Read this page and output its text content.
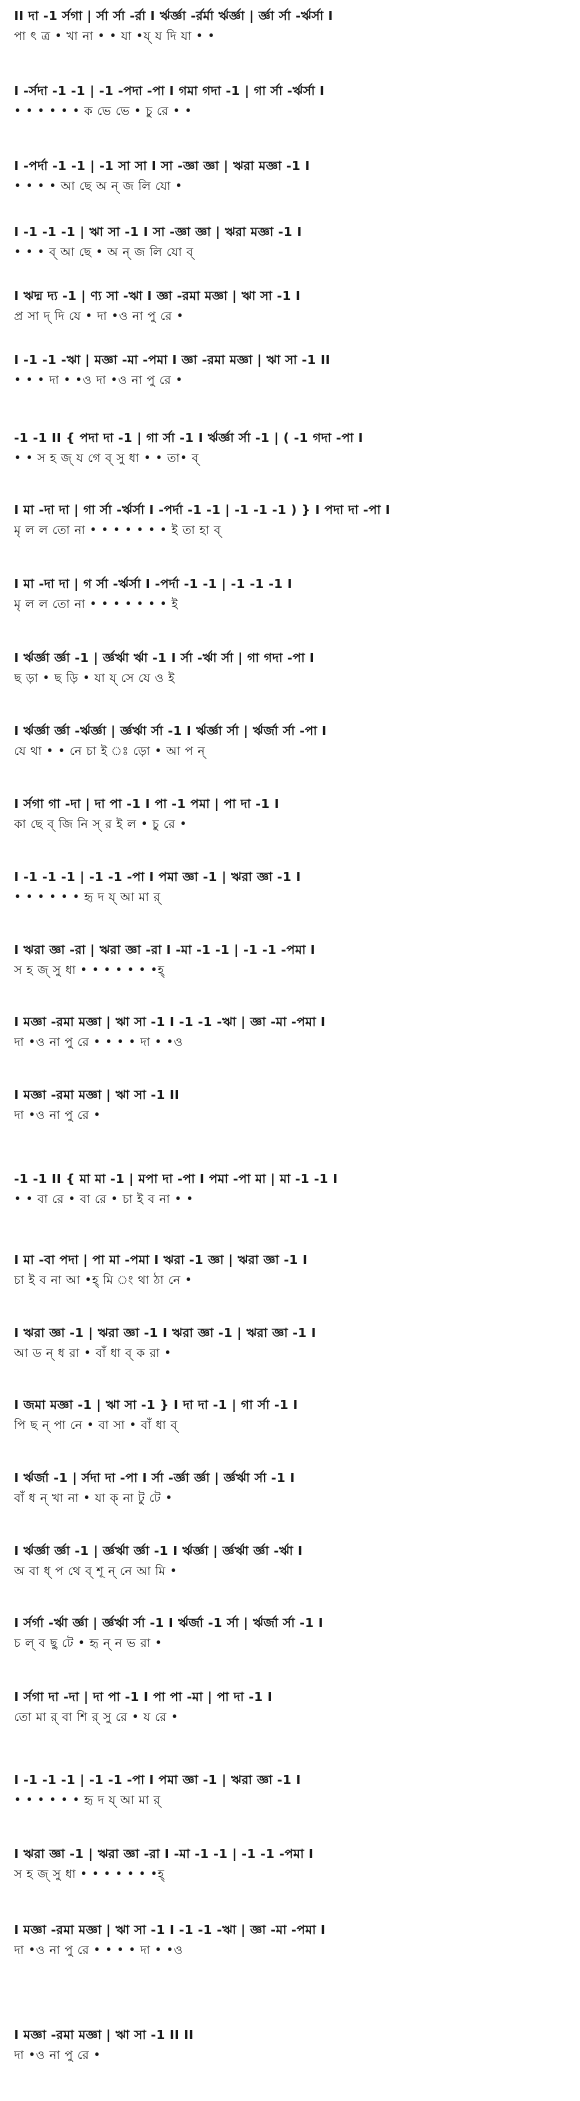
II দা -1 র্সগা | র্সা র্সা -র্রা I র্ঋর্জ্ঞা -র্রর্মা র্ঋর্জ্ঞা | র্জ্ঞা র্সা -র্ঋর্সা I
পা ৎ ত্র • খা না • • যা •য্ য দি যা • •
I -র্সদা -1 -1 | -1 -পদা -পা I গমা গদা -1 | গা র্সা -র্ঋর্সা I
• • • • • • ক ভে ভে • চু রে • •
I -পর্দা -1 -1 | -1 সা সা I সা -জ্ঞা জ্ঞা | ঋরা মজ্ঞা -1 I
• • • • আ ছে অ ন্ জ লি যো •
I -1 -1 -1 | ঋা সা -1 I সা -জ্ঞা জ্ঞা | ঋরা মজ্ঞা -1 I
• • • ব্ আ ছে • অ ন্ জ লি যো ব্
I ঋদ্ম দ্য -1 | ণ্য সা -ঋা I জ্ঞা -রমা মজ্ঞা | ঋা সা -1 I
প্র সা দ্ দি যে • দা •ও না পু রে •
I -1 -1 -ঋা | মজ্ঞা -মা -পমা I জ্ঞা -রমা মজ্ঞা | ঋা সা -1 II
• • • দা • •ও দা •ও না পু রে •
-1 -1 II { পদা দা -1 | গা র্সা -1 I র্ঋর্জ্ঞা র্সা -1 | ( -1 গদা -পা I
• • স হ জ্ য গে ব্ সু ধা • • তা• ব্
I মা -দা দা | গা র্সা -র্ঋর্সা I -পর্দা -1 -1 | -1 -1 -1 ) } I পদা দা -পা I
মৃ ল ল তো না • • • • • • • ই তা হা ব্
I মা -দা দা | গ র্সা -র্ঋর্সা I -পর্দা -1 -1 | -1 -1 -1 I
মৃ ল ল তো না • • • • • • • ই
I র্ঋর্জ্ঞা র্জ্ঞা -1 | র্জ্ঞর্ঋা র্ঋা -1 I র্সা -র্ঋা র্সা | গা গদা -পা I
ছ ড়া • ছ ড়ি • যা য্ সে যে ও ই
I র্ঋর্জ্ঞা র্জ্ঞা -র্ঋর্জ্ঞা | র্জ্ঞর্ঋা র্সা -1 I র্ঋর্জ্ঞা র্সা | র্ঋর্জা র্সা -পা I
যে থা • • নে চা ই ঃ ড়ো • আ প ন্
I র্সগা গা -দা | দা পা -1 I পা -1 পমা | পা দা -1 I
কা ছে ব্ জি নি স্ র ই ল • চু রে •
I -1 -1 -1 | -1 -1 -পা I পমা জ্ঞা -1 | ঋরা জ্ঞা -1 I
• • • • • • হৃ দ য্ আ মা র্
I ঋরা জ্ঞা -রা | ঋরা জ্ঞা -রা I -মা -1 -1 | -1 -1 -পমা I
স হ জ্ সু ধা • • • • • • •হ্
I মজ্ঞা -রমা মজ্ঞা | ঋা সা -1 I -1 -1 -ঋা | জ্ঞা -মা -পমা I
দা •ও না পু রে • • • • দা • •ও
I মজ্ঞা -রমা মজ্ঞা | ঋা সা -1 II
দা •ও না পু রে •
-1 -1 II { মা মা -1 | মপা দা -পা I পমা -পা মা | মা -1 -1 I
• • বা রে • বা রে • চা ই ব না • •
I মা -বা পদা | পা মা -পমা I ঋরা -1 জ্ঞা | ঋরা জ্ঞা -1 I
চা ই ব না আ •হ্ মি ং থা ঠা নে •
I ঋরা জ্ঞা -1 | ঋরা জ্ঞা -1 I ঋরা জ্ঞা -1 | ঋরা জ্ঞা -1 I
আ ড ন্ ধ রা • বাঁ ধা ব্ ক রা •
I জমা মজ্ঞা -1 | ঋা সা -1 } I দা দা -1 | গা র্সা -1 I
পি ছ ন্ পা নে • বা সা • বাঁ ধা ব্
I র্ঋর্জা -1 | র্সদা দা -পা I র্সা -র্জ্ঞা র্জ্ঞা | র্জ্ঞর্ঋা র্সা -1 I
বাঁ ধ ন্ খা না • যা ক্ না টু টে •
I র্ঋর্জ্ঞা র্জ্ঞা -1 | র্জ্ঞর্ঋা র্জ্ঞা -1 I র্ঋর্জ্ঞা | র্জ্ঞর্ঋা র্জ্ঞা -র্ঋা I
অ বা ধ্ প থে ব্ শূ ন্ নে আ মি •
I র্সর্গা -র্ঋা র্জ্ঞা | র্জ্ঞর্ঋা র্সা -1 I র্ঋর্জা -1 র্সা | র্ঋর্জা র্সা -1 I
চ ল্ ব ছু টে • হৃ ন্ ন ভ রা •
I র্সগা দা -দা | দা পা -1 I পা পা -মা | পা দা -1 I
তো মা র্ বা শি র্ সু রে • য রে •
I -1 -1 -1 | -1 -1 -পা I পমা জ্ঞা -1 | ঋরা জ্ঞা -1 I
• • • • • • হৃ দ য্ আ মা র্
I ঋরা জ্ঞা -1 | ঋরা জ্ঞা -রা I -মা -1 -1 | -1 -1 -পমা I
স হ জ্ সু ধা • • • • • • •হ্
I মজ্ঞা -রমা মজ্ঞা | ঋা সা -1 I -1 -1 -ঋা | জ্ঞা -মা -পমা I
দা •ও না পু রে • • • • দা • •ও
I মজ্ঞা -রমা মজ্ঞা | ঋা সা -1 II II
দা •ও না পু রে •
